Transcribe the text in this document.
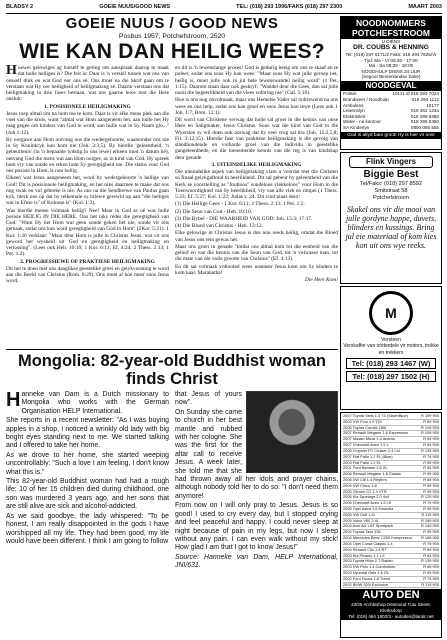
BLADSY 2	GOEIE NUUS/GOOD NEWS	TEL: (018) 293 1996/FAKS (018) 297 2300	MAART 2003
GOEIE NUUS / GOOD NEWS
Posbus 1957, Potchefstroom, 2520
WIE KAN DAN HEILIG WEES?

Hoewel gelowiges ag hulself te gering om aanspraak daarop te maak dat hulle heiliges is? Die feit is: Daar is 'n verskil tussen wat ons van onsself dink en wat God oor ons sê. Ons moet na die Skrif gaan om te verstaan wat Hy oor heiligheid of heiligmaking sê. Daarin verstaan ons dat heiligmaking in drie fases bestaan, wat ons gaarne lewe mot die Here onsluit:

1. POSISIONELE HEILIGMAKING

Jesus roep almal om na hom toe te kom. Daar is vir elke mens plek aan die voet van die kruis, want "almal wat Hom aangeneem het, aan hulle het Hy mag gegee om kinders van God te word, aan hulle wat in Sy Naam glo..." (Joh 1:12).

By oorgawe aan Hom ontvang ons die wedergeboorte, waarsonder ons nie in Sy Koninkryk kan kom nie (Joh. 3:3,5). By hierdie 'geleentheid, 'n gebeurtenis' (in 'n bepaalde tydstip in ons lewe) erkeen mod 'n datum hê), ontvang God die mens wat aan Hom oorgee, as in kind van God. Hy spreek hom vry van sonde en reken hom Sy geregtigheid toe. Die status voor God ons posisie in Hom, is nou heilig.

Elkeen wat Jesus aangeneem het, word by wedergeboorte 'n heilige van God! Dit is posisionele heiligmaking, en het niks daarmee te make dat ons nog swak en vol gebreke is nie. As ons na die Sendbrewe van Paulus gaan kyk, merk ons op dat hy telkemale sy briewe gerewld op aan "die heiliges wat in Efese is" of Kolosse is" (Kol. 1:2).

Was hierdie mense volmaak heilig? Nee! Maar in God se oë was hulle posisie HEILIG IN DIE HERE. Ons het niks rédés die geregtigheid van God: "Want Hy het Hom wat geen sonde geken het nie, sonde vir ons gemaak, sodat ons kan word geregtigheid van God in Hom" (2Kor. 5:21). 1 Kor. 1:30 verklaar: "Maar deur Hom is julle in Christus Jesus, wat vir ons geword het wysheid uit God en geregtigheid en heiligmaking en verlossing". (Lees ook Heb. 10:10; 1 Kor. 6:11; Ef. 4:24; 2 Thess. 2:13; 1 Pet. 1:2).

2. PROGRESSIEWE OF PRAKTIESE HEILIGMAKING

Dit het te doen met ons daaglikse geestelike groei en gelykvorming te word aan die Beeld van Christus (Rom. 8:29). Ons moet al hoe meer soos Jesus word,

en dit is 'n lewenslange proses! God is gedurig besig om ons te skaaf en te poleer, sodat ons soos Hy kan wees: "Maar soos Hy wat julle geroep het, heilig is, moet julle ook in jul hele lewenswandel heilig word" (1 Pet. 1:15). Daarom staan daar ook geskryf: "Wandel deur die Gees, dan sal julle nooit die begeerlikheid van die vlees volbring nie" (Gal. 5:16).

Hoe is ons nog onvolmaak, maar ons Hemelse Vader sal tydriewend na ons wees en ons help, sodat ons kan groei en soos Jesus kan lewe (Lees ook 1 Joh. 1:7; Rom. 12:1).

Dit word van Christene verwag dat hulle sal groei in die kennis van onse Here en Saligmaker, Jesus Christus. Soos wat die kind van God in die Wyersien sy wil doen ook oorwag dat hy veel vrug sal dra (Joh. 15:2,5,8; Fil. 3:12,15). Hierdie fase van praktiese heiligmaking is die gevolg van standhoudende en volharde groei van die individu in geestelike gangeleenthede, en die toenemende kennis van die reg is van kindskap deur genade.

3. UITEINDELIKE HEILIGMAKING

Die uiteindelike aspek van heiligmaking vlam u voordat met die Christen so finaal gelykgaftond in heerlikheid. Dit sal gebeur by geleentheid van die Kerk se voorstelling as "foutloos" sondeloos vlekkeloos" voor Hom in die Toenwoordighied van Sy heerlikheid, vry van alle vlek en rimpel (1 Thess. 5:23; Ef. 5:27; Kol. 1:22; Judas v. 24. Dit vind plaas deur:

(1) Die Heilige Gees - 1 Kor. 6:11; 2 Thess. 2:13; 1 Pet. 1:2.

(2) Die Seun van God - Heb. 10:10.

(3) Die Bybel - DIE WAARHEID VAN GOD: Joh. 15:3; 17:17.

(4) Die Bloed van Christus - Heb. 13:12.

Elke gelowige in Christus Jesus is dus nou reeds heilig, omdat die Bloed van Jesus ons rein gewas het.

Maar ons groei in genade "totdat ons almal kom tot die eenheid van die geloof en van die kennis van die Seun van God, tot 'n volwasse man, tot die mate van die volle grootte van Christus" (Ef. 4:13).

En dit sal volmaak voltooied wees wanneer Jesus kom om Sy kinders te kom haal. Maranatha!

Die Here Kom!

NOODNOMMERS POTCHEFSTROOM
U DIENS
DR. COUBS & HENNING
Tel: (018) 297 5171/2 Faks: 018 294 7925/Vr
Tyd: Ma - Vr 08:30 - 17:00
Ma - Sa 08:30 - 18:00
NOODHULP DIENS 24 UUR
(Segoor Binnenlandse Sake)
NOODGEVAL
Polisie	10111 of 018 293 7024
Brandweer / Noodhulp	018 293 1112
Ambulans	10177
Lewenslyn	018 462 1234
Elektrisiteit	018 299 5350
Water - na kantoor	018 299 5350
SA Kinderlyn	0800 055 555
God is altyd baie groot! Hy is hier vir ons!
Flink Vingers
Biggie Best
Tel/Faks: (018) 297 8592
Smitstraat 58
Potchefstroom
Skakel ons vir die mooi van julle gordyne happe, duvets, blinders en kussings. Bring jul eie materiaal of kom kies kon uit ons wye reeks.
M
Versteen
Verskaffer van onderdele vir motors, trokke en trekkers
Tel: (018) 293 1467 (W)
Tel: (018) 297 1502 (H)
2007 Toyota Yaris 1.3 T3 (Silver/Blue)	R 199 900
2003 VW Polo 1.9 TDI	R 89 900
2006 Toyota Corolla 180i	R 109 900
2007 Renault Megane 1.6 Expression	R 109 900
2007 Nissan Micra 1.4 Acenta	R 94 900
2007 Chevrolet Aveo 1.5 L	R 84 900
2006 Chrysler PT Cruiser 2.4 Ltd	R 139 900
2007 Fiat Palio 1.2 EL (Blue)	R 74 900
2003 Fiat Palio 1.2 EL	R 59 900
2001 Ford Bantam 1.6 XL	R 54 900
2006 Renault Megane 1.6 Classic	R 99 900
2006 VW Citi 1.4 Rhythm	R 69 900
2004 VW Chico 1.4i	R 59 900
2005 Citroen C2 1.4 VTR	R 99 900
2005 Kia Sportage 2.0 4x4	R 129 900
2005 Chevrolet Aveo 1.5 LS	R 79 900
2005 Opel Astra 1.6 Essentia	R 99 900
2005 VW Golf 1.6i	R 119 900
2005 Volvo V50 2.4i	R 189 900
2004 Audi A4 1.8T Sportpack	R 149 900
2004 Toyota Tazz 130	R 59 900
2004 Mercedes Benz C200 Kompressor R 169 900
2004 Opel Corsa Classic 1.4	R 79 900
2004 Renault Clio 1.4 RT	R 69 900
2003 Kia Picanto 1.1 LX	R 64 900
2003 Toyota Hilux 2.7 Raider	R 139 900
2003 VW Polo 1.4 Comfortline	R 69 900
2003 Hyundai Getz 1.6 GL	R 69 900
2002 Ford Focus 1.8 Trend	R 74 900
2002 BMW 320i Exclusive	R 119 900
AUTO DEN
23/25 Archbishop Desmond Tutu Street, Klerksdorp
Tel: (018) 464 1802/3 - autoden@lantic.net
Mongolia: 82-year-old Buddhist woman finds Christ

Hanneke van Dam is a Dutch missionary to Mongolia who works with the German Organisation HELP International.

She reports in a recent newsletter: "As I was buying apples in a shop, I noticed a wrinkly old lady with big bright eyes standing next to me. We started talking and I offered to take her home.

As we drove to her home, she started weeping uncontrollably: "Such a love I am feeling, I don't know what this is."

This 82-year-old Buddhist woman had had a rough life: 10 of her 15 children died during childhood, one son was murdered 3 years ago, and her sons that are still alive are sick and alcohol-addicted.

As we said goodbye, the lady whispered: "To be honest, I am really disappointed in the gods I have worshipped all my life. They had been good, my life would have been different. I think I am going to follow

that Jesus of yours now".

On Sunday she came to church in her best mantle and rubbed with her cologne. She was the first for the altar call to receive Jesus. A week later, she told me that she had thrown away all her idols and prayer chains, although nobody told her to do so. "I don't need them anymore!

From now on I will only pray to Jesus. Jesus is so good! I used to cry every day, but I stopped crying and feel peaceful and happy. I could never sleep at night because of pain in my legs, but now I sleep without any pain. I can even walk without my stick! How glad I am that I got to know Jesus!"

Source: Hanneke van Dam, HELP International, JNI/631.
